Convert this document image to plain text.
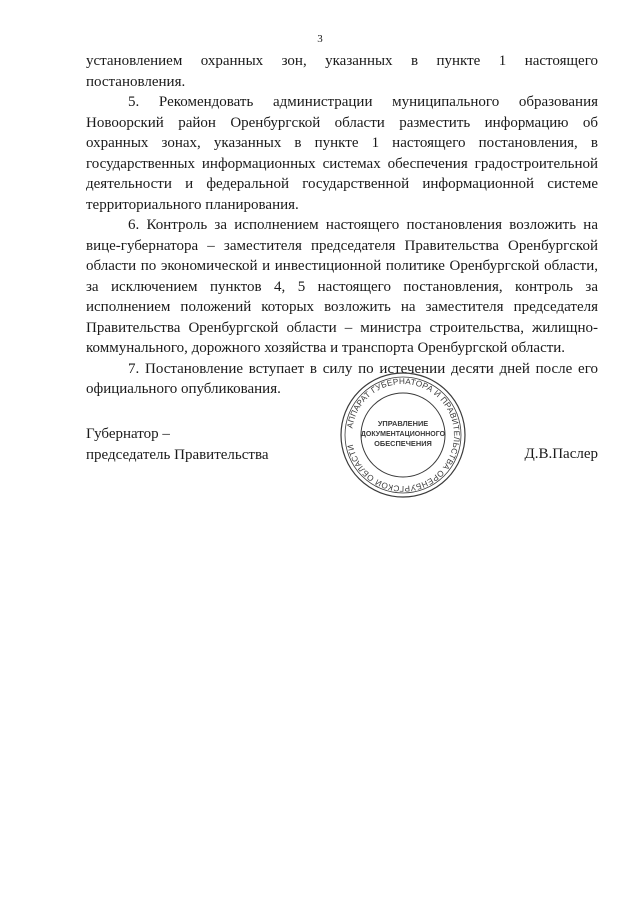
3

установлением охранных зон, указанных в пункте 1 настоящего постановления.

5. Рекомендовать администрации муниципального образования Новоорский район Оренбургской области разместить информацию об охранных зонах, указанных в пункте 1 настоящего постановления, в государственных информационных системах обеспечения градостроительной деятельности и федеральной государственной информационной системе территориального планирования.

6. Контроль за исполнением настоящего постановления возложить на вице-губернатора – заместителя председателя Правительства Оренбургской области по экономической и инвестиционной политике Оренбургской области, за исключением пунктов 4, 5 настоящего постановления, контроль за исполнением положений которых возложить на заместителя председателя Правительства Оренбургской области – министра строительства, жилищно-коммунального, дорожного хозяйства и транспорта Оренбургской области.

7. Постановление вступает в силу по истечении десяти дней после его официального опубликования.

Губернатор –
председатель Правительства	Д.В.Паслер
АППАРАТ ГУБЕРНАТОРА И ПРАВИТЕЛЬСТВА ОРЕНБУРГСКОЙ ОБЛАСТИ
УПРАВЛЕНИЕ
ДОКУМЕНТАЦИОННОГО
ОБЕСПЕЧЕНИЯ
